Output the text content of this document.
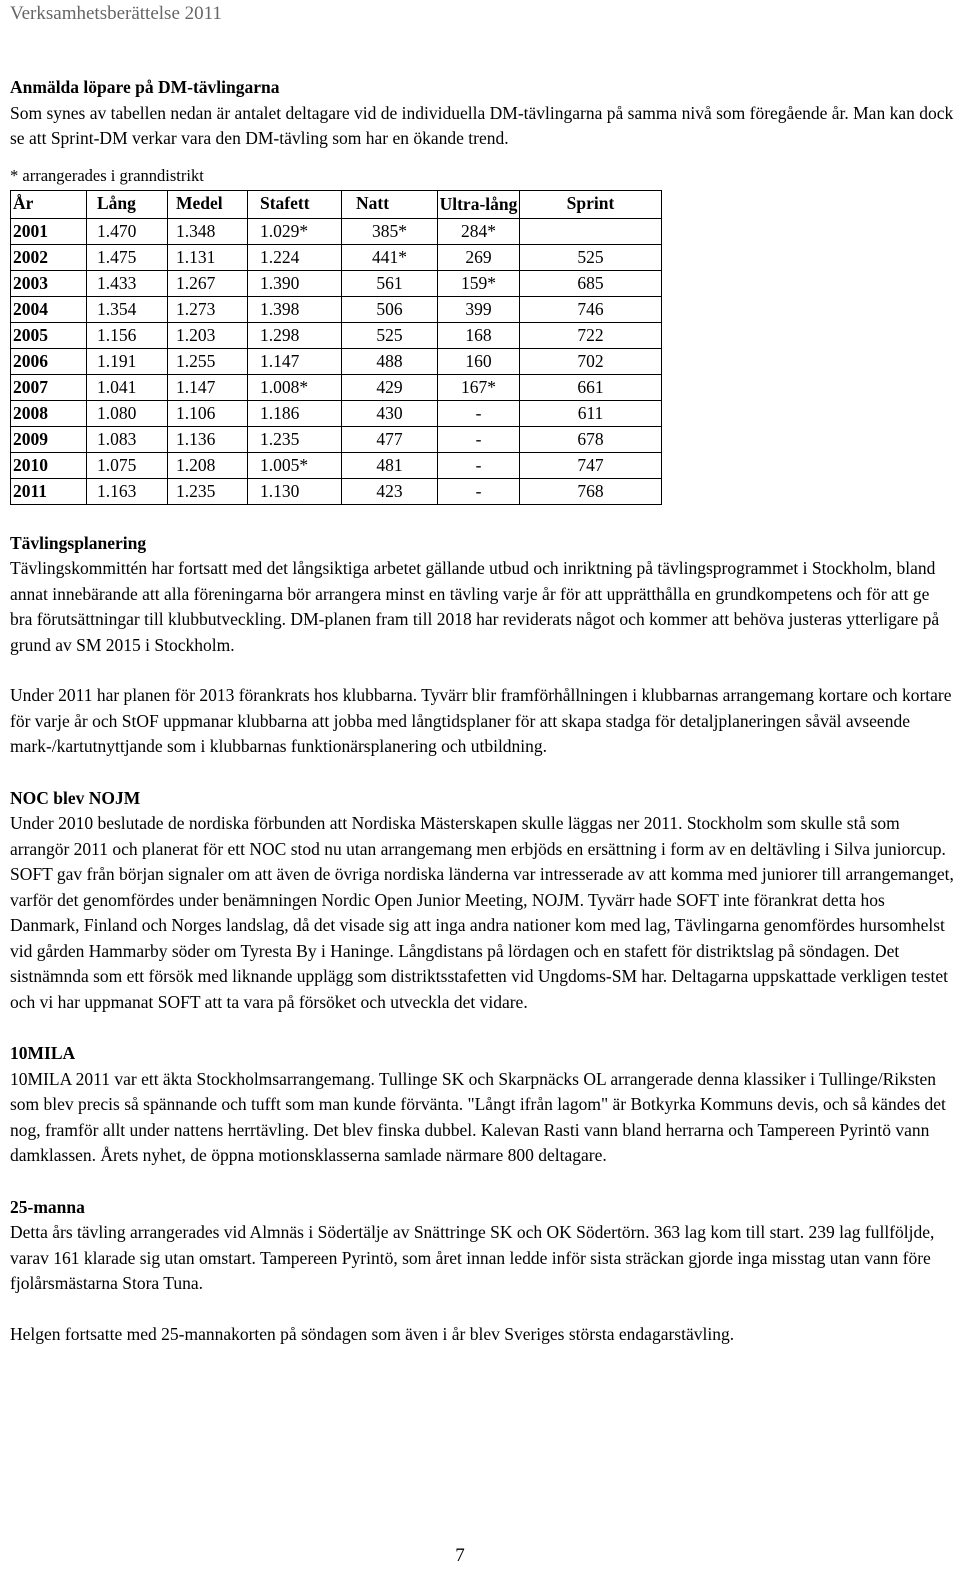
Verksamhetsberättelse 2011
Anmälda löpare på DM-tävlingarna

Som synes av tabellen nedan är antalet deltagare vid de individuella DM-tävlingarna på samma nivå som föregående år. Man kan dock se att Sprint-DM verkar vara den DM-tävling som har en ökande trend.

* arrangerades i granndistrikt
År	Lång	Medel	Stafett	Natt	Ultra-lång	Sprint
2001	1.470	1.348	1.029*	385*	284*	
2002	1.475	1.131	1.224	441*	269	525
2003	1.433	1.267	1.390	561	159*	685
2004	1.354	1.273	1.398	506	399	746
2005	1.156	1.203	1.298	525	168	722
2006	1.191	1.255	1.147	488	160	702
2007	1.041	1.147	1.008*	429	167*	661
2008	1.080	1.106	1.186	430	-	611
2009	1.083	1.136	1.235	477	-	678
2010	1.075	1.208	1.005*	481	-	747
2011	1.163	1.235	1.130	423	-	768
Tävlingsplanering

Tävlingskommittén har fortsatt med det långsiktiga arbetet gällande utbud och inriktning på tävlingsprogrammet i Stockholm, bland annat innebärande att alla föreningarna bör arrangera minst en tävling varje år för att upprätthålla en grundkompetens och för att ge bra förutsättningar till klubbutveckling. DM-planen fram till 2018 har reviderats något och kommer att behöva justeras ytterligare på grund av SM 2015 i Stockholm.

Under 2011 har planen för 2013 förankrats hos klubbarna. Tyvärr blir framförhållningen i klubbarnas arrangemang kortare och kortare för varje år och StOF uppmanar klubbarna att jobba med långtidsplaner för att skapa stadga för detaljplaneringen såväl avseende mark-/kartutnyttjande som i klubbarnas funktionärsplanering och utbildning.

NOC blev NOJM

Under 2010 beslutade de nordiska förbunden att Nordiska Mästerskapen skulle läggas ner 2011. Stockholm som skulle stå som arrangör 2011 och planerat för ett NOC stod nu utan arrangemang men erbjöds en ersättning i form av en deltävling i Silva juniorcup. SOFT gav från början signaler om att även de övriga nordiska länderna var intresserade av att komma med juniorer till arrangemanget, varför det genomfördes under benämningen Nordic Open Junior Meeting, NOJM. Tyvärr hade SOFT inte förankrat detta hos Danmark, Finland och Norges landslag, då det visade sig att inga andra nationer kom med lag, Tävlingarna genomfördes hursomhelst vid gården Hammarby söder om Tyresta By i Haninge. Långdistans på lördagen och en stafett för distriktslag på söndagen. Det sistnämnda som ett försök med liknande upplägg som distriktsstafetten vid Ungdoms-SM har. Deltagarna uppskattade verkligen testet och vi har uppmanat SOFT att ta vara på försöket och utveckla det vidare.

10MILA

10MILA 2011 var ett äkta Stockholmsarrangemang. Tullinge SK och Skarpnäcks OL arrangerade denna klassiker i Tullinge/Riksten som blev precis så spännande och tufft som man kunde förvänta. "Långt ifrån lagom" är Botkyrka Kommuns devis, och så kändes det nog, framför allt under nattens herrtävling. Det blev finska dubbel. Kalevan Rasti vann bland herrarna och Tampereen Pyrintö vann damklassen. Årets nyhet, de öppna motionsklasserna samlade närmare 800 deltagare.

25-manna

Detta års tävling arrangerades vid Almnäs i Södertälje av Snättringe SK och OK Södertörn. 363 lag kom till start. 239 lag fullföljde, varav 161 klarade sig utan omstart. Tampereen Pyrintö, som året innan ledde inför sista sträckan gjorde inga misstag utan vann före fjolårsmästarna Stora Tuna.

Helgen fortsatte med 25-mannakorten på söndagen som även i år blev Sveriges största endagarstävling.

7
